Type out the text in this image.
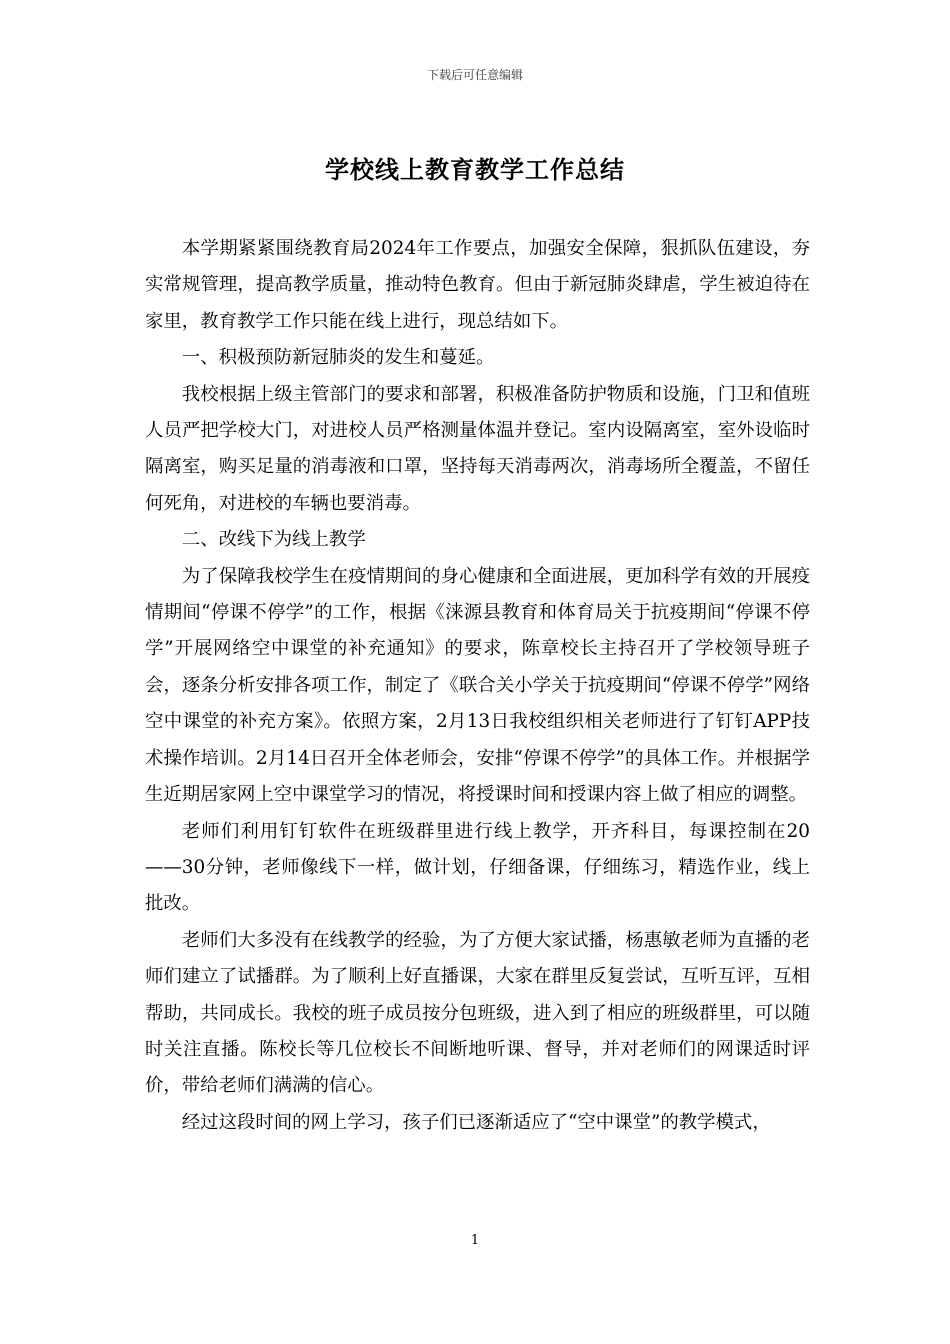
下载后可任意编辑
学校线上教育教学工作总结

本学期紧紧围绕教育局2024年工作要点，加强安全保障，狠抓队伍建设，夯实常规管理，提高教学质量，推动特色教育。但由于新冠肺炎肆虐，学生被迫待在家里，教育教学工作只能在线上进行，现总结如下。

一、积极预防新冠肺炎的发生和蔓延。

我校根据上级主管部门的要求和部署，积极准备防护物质和设施，门卫和值班人员严把学校大门，对进校人员严格测量体温并登记。室内设隔离室，室外设临时隔离室，购买足量的消毒液和口罩，坚持每天消毒两次，消毒场所全覆盖，不留任何死角，对进校的车辆也要消毒。

二、改线下为线上教学

为了保障我校学生在疫情期间的身心健康和全面进展，更加科学有效的开展疫情期间“停课不停学”的工作，根据《涞源县教育和体育局关于抗疫期间“停课不停学”开展网络空中课堂的补充通知》的要求，陈章校长主持召开了学校领导班子会，逐条分析安排各项工作，制定了《联合关小学关于抗疫期间“停课不停学”网络空中课堂的补充方案》。依照方案，2月13日我校组织相关老师进行了钉钉APP技术操作培训。2月14日召开全体老师会，安排“停课不停学”的具体工作。并根据学生近期居家网上空中课堂学习的情况，将授课时间和授课内容上做了相应的调整。

老师们利用钉钉软件在班级群里进行线上教学，开齐科目，每课控制在20——30分钟，老师像线下一样，做计划，仔细备课，仔细练习，精选作业，线上批改。

老师们大多没有在线教学的经验，为了方便大家试播，杨惠敏老师为直播的老师们建立了试播群。为了顺利上好直播课，大家在群里反复尝试，互听互评，互相帮助，共同成长。我校的班子成员按分包班级，进入到了相应的班级群里，可以随时关注直播。陈校长等几位校长不间断地听课、督导，并对老师们的网课适时评价，带给老师们满满的信心。

经过这段时间的网上学习，孩子们已逐渐适应了“空中课堂”的教学模式，

1
